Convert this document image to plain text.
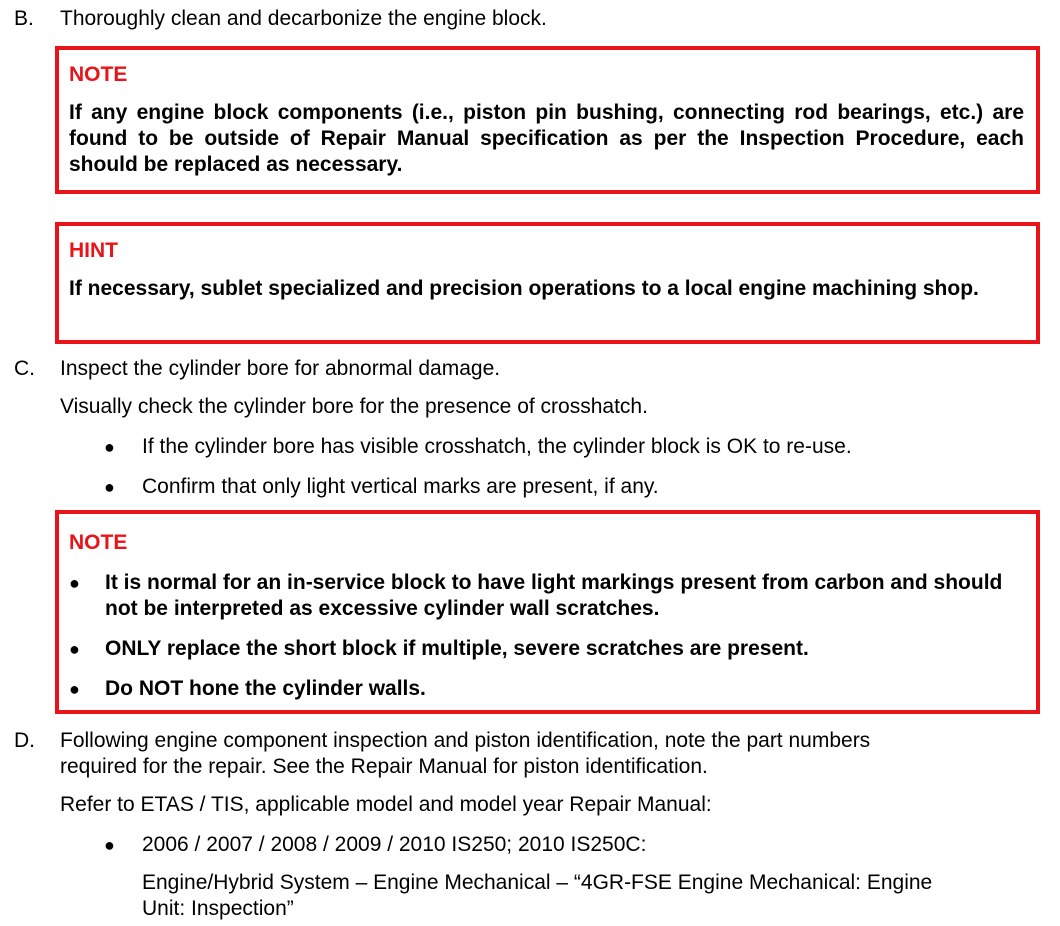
B. Thoroughly clean and decarbonize the engine block.
NOTE
If any engine block components (i.e., piston pin bushing, connecting rod bearings, etc.) are found to be outside of Repair Manual specification as per the Inspection Procedure, each should be replaced as necessary.
HINT
If necessary, sublet specialized and precision operations to a local engine machining shop.
C. Inspect the cylinder bore for abnormal damage.
Visually check the cylinder bore for the presence of crosshatch.
● If the cylinder bore has visible crosshatch, the cylinder block is OK to re-use.
● Confirm that only light vertical marks are present, if any.
NOTE
● It is normal for an in-service block to have light markings present from carbon and should not be interpreted as excessive cylinder wall scratches.
● ONLY replace the short block if multiple, severe scratches are present.
● Do NOT hone the cylinder walls.
D. Following engine component inspection and piston identification, note the part numbers required for the repair. See the Repair Manual for piston identification.
Refer to ETAS / TIS, applicable model and model year Repair Manual:
● 2006 / 2007 / 2008 / 2009 / 2010 IS250; 2010 IS250C:
Engine/Hybrid System – Engine Mechanical – “4GR-FSE Engine Mechanical: Engine Unit: Inspection”
